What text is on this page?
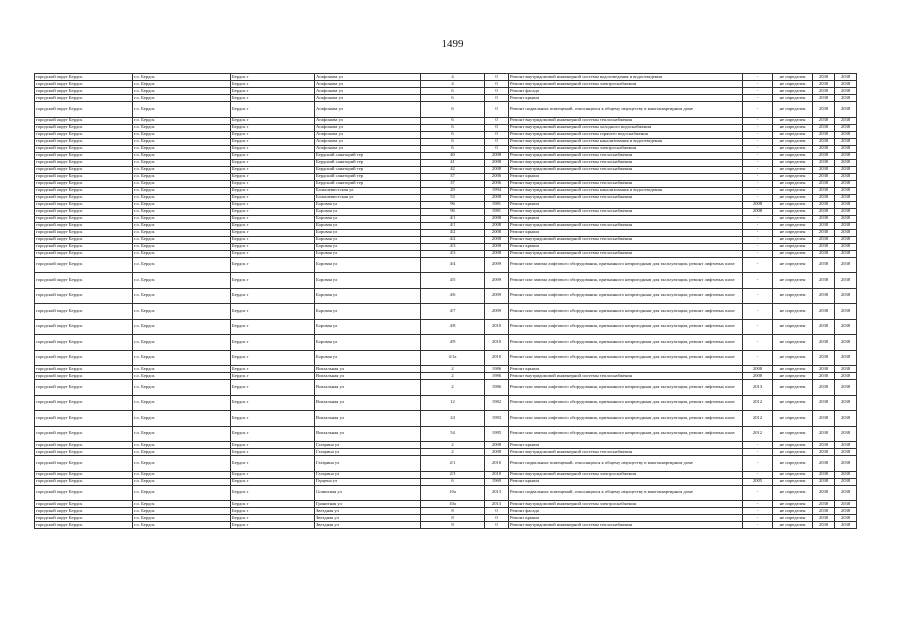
1499
городской округ Бердск	г.о. Бердск	Бердск г	Агафонова ул	4	0	Ремонт внутридомовой инженерной системы водоотведения и водоотведения	-	не определен	2038	2038
городской округ Бердск	г.о. Бердск	Бердск г	Агафонова ул	4	0	Ремонт внутридомовой инженерной системы электроснабжения	-	не определен	2038	2038
городской округ Бердск	г.о. Бердск	Бердск г	Агафонова ул	6	0	Ремонт фасада	-	не определен	2038	2038
городской округ Бердск	г.о. Бердск	Бердск г	Агафонова ул	6	0	Ремонт крыши	-	не определен	2038	2038
городской округ Бердск	г.о. Бердск	Бердск г	Агафонова ул	6	0	Ремонт подвальных помещений, относящихся к общему имуществу в многоквартирном доме	-	не определен	2038	2038
городской округ Бердск	г.о. Бердск	Бердск г	Агафонова ул	6	0	Ремонт внутридомовой инженерной системы теплоснабжения	-	не определен	2038	2038
городской округ Бердск	г.о. Бердск	Бердск г	Агафонова ул	6	0	Ремонт внутридомовой инженерной системы холодного водоснабжения	-	не определен	2038	2038
городской округ Бердск	г.о. Бердск	Бердск г	Агафонова ул	6	0	Ремонт внутридомовой инженерной системы горячего водоснабжения	-	не определен	2038	2038
городской округ Бердск	г.о. Бердск	Бердск г	Агафонова ул	6	0	Ремонт внутридомовой инженерной системы канализования и водоотведения	-	не определен	2038	2038
городской округ Бердск	г.о. Бердск	Бердск г	Агафонова ул	6	0	Ремонт внутридомовой инженерной системы электроснабжения	-	не определен	2038	2038
городской округ Бердск	г.о. Бердск	Бердск г	Бердский санаторий тер	40	2008	Ремонт внутридомовой инженерной системы теплоснабжения	-	не определен	2038	2038
городской округ Бердск	г.о. Бердск	Бердск г	Бердский санаторий тер	41	2008	Ремонт внутридомовой инженерной системы теплоснабжения	-	не определен	2038	2038
городской округ Бердск	г.о. Бердск	Бердск г	Бердский санаторий тер	42	2008	Ремонт внутридомовой инженерной системы теплоснабжения	-	не определен	2038	2038
городской округ Бердск	г.о. Бердск	Бердск г	Бердский санаторий тер	37	2006	Ремонт крыши	-	не определен	2038	2038
городской округ Бердск	г.о. Бердск	Бердск г	Бердский санаторий тер	37	2006	Ремонт внутридомовой инженерной системы теплоснабжения	-	не определен	2038	2038
городской округ Бердск	г.о. Бердск	Бердск г	Большевистская ул	29	1994	Ремонт внутридомовой инженерной системы канализования и водоотведения	-	не определен	2038	2038
городской округ Бердск	г.о. Бердск	Бердск г	Большевистская ул	53	2008	Ремонт внутридомовой инженерной системы теплоснабжения	-	не определен	2038	2038
городской округ Бердск	г.о. Бердск	Бердск г	Боровая ул	96	1981	Ремонт крыши	2008	не определен	2038	2038
городской округ Бердск	г.о. Бердск	Бердск г	Боровая ул	96	1981	Ремонт внутридомовой инженерной системы теплоснабжения	2008	не определен	2038	2038
городской округ Бердск	г.о. Бердск	Бердск г	Боровая ул	4/1	2008	Ремонт крыши	-	не определен	2038	2038
городской округ Бердск	г.о. Бердск	Бердск г	Боровая ул	4/1	2008	Ремонт внутридомовой инженерной системы теплоснабжения	-	не определен	2038	2038
городской округ Бердск	г.о. Бердск	Бердск г	Боровая ул	4/2	2008	Ремонт крыши	-	не определен	2038	2038
городской округ Бердск	г.о. Бердск	Бердск г	Боровая ул	4/2	2008	Ремонт внутридомовой инженерной системы теплоснабжения	-	не определен	2038	2038
городской округ Бердск	г.о. Бердск	Бердск г	Боровая ул	4/3	2008	Ремонт крыши	-	не определен	2038	2038
городской округ Бердск	г.о. Бердск	Бердск г	Боровая ул	4/3	2008	Ремонт внутридомовой инженерной системы теплоснабжения	-	не определен	2038	2038
городской округ Бердск	г.о. Бердск	Бердск г	Боровая ул	4/4	2009	Ремонт или замена лифтового оборудования, признанного непригодным для эксплуатации, ремонт лифтовых шахт	-	не определен	2038	2038
городской округ Бердск	г.о. Бердск	Бердск г	Боровая ул	4/5	2009	Ремонт или замена лифтового оборудования, признанного непригодным для эксплуатации, ремонт лифтовых шахт	-	не определен	2038	2038
городской округ Бердск	г.о. Бердск	Бердск г	Боровая ул	4/6	2009	Ремонт или замена лифтового оборудования, признанного непригодным для эксплуатации, ремонт лифтовых шахт	-	не определен	2038	2038
городской округ Бердск	г.о. Бердск	Бердск г	Боровая ул	4/7	2009	Ремонт или замена лифтового оборудования, признанного непригодным для эксплуатации, ремонт лифтовых шахт	-	не определен	2038	2038
городской округ Бердск	г.о. Бердск	Бердск г	Боровая ул	4/8	2010	Ремонт или замена лифтового оборудования, признанного непригодным для эксплуатации, ремонт лифтовых шахт	-	не определен	2038	2038
городской округ Бердск	г.о. Бердск	Бердск г	Боровая ул	4/9	2010	Ремонт или замена лифтового оборудования, признанного непригодным для эксплуатации, ремонт лифтовых шахт	-	не определен	2038	2038
городской округ Бердск	г.о. Бердск	Бердск г	Боровая ул	4/1а	2010	Ремонт или замена лифтового оборудования, признанного непригодным для эксплуатации, ремонт лифтовых шахт	-	не определен	2038	2038
городской округ Бердск	г.о. Бердск	Бердск г	Вокзальная ул	2	1986	Ремонт крыши	2008	не определен	2038	2038
городской округ Бердск	г.о. Бердск	Бердск г	Вокзальная ул	2	1986	Ремонт внутридомовой инженерной системы теплоснабжения	2008	не определен	2038	2038
городской округ Бердск	г.о. Бердск	Бердск г	Вокзальная ул	2	1986	Ремонт или замена лифтового оборудования, признанного непригодным для эксплуатации, ремонт лифтовых шахт	2013	не определен	2038	2038
городской округ Бердск	г.о. Бердск	Бердск г	Вокзальная ул	12	1982	Ремонт или замена лифтового оборудования, признанного непригодным для эксплуатации, ремонт лифтовых шахт	2012	не определен	2038	2038
городской округ Бердск	г.о. Бердск	Бердск г	Вокзальная ул	24	1983	Ремонт или замена лифтового оборудования, признанного непригодным для эксплуатации, ремонт лифтовых шахт	2012	не определен	2038	2038
городской округ Бердск	г.о. Бердск	Бердск г	Вокзальная ул	54	1985	Ремонт или замена лифтового оборудования, признанного непригодным для эксплуатации, ремонт лифтовых шахт	2012	не определен	2038	2038
городской округ Бердск	г.о. Бердск	Бердск г	Гагарина ул	2	2008	Ремонт крыши	-	не определен	2038	2038
городской округ Бердск	г.о. Бердск	Бердск г	Гагарина ул	2	2008	Ремонт внутридомовой инженерной системы теплоснабжения	-	не определен	2038	2038
городской округ Бердск	г.о. Бердск	Бердск г	Гагарина ул	2/1	2010	Ремонт подвальных помещений, относящихся к общему имуществу в многоквартирном доме	-	не определен	2038	2038
городской округ Бердск	г.о. Бердск	Бердск г	Гагарина ул	2/3	2010	Ремонт внутридомовой инженерной системы электроснабжения	-	не определен	2038	2038
городской округ Бердск	г.о. Бердск	Бердск г	Герцена ул	6	1969	Ремонт крыши	2005	не определен	2038	2038
городской округ Бердск	г.о. Бердск	Бердск г	Granитная ул	10а	2013	Ремонт подвальных помещений, относящихся к общему имуществу в многоквартирном доме	-	не определен	2038	2038
городской округ Бердск	г.о. Бердск	Бердск г	Гранитная ул	10а	2013	Ремонт внутридомовой инженерной системы электроснабжения	-	не определен	2038	2038
городской округ Бердск	г.о. Бердск	Бердск г	Звездная ул	8	0	Ремонт фасада	-	не определен	2038	2038
городской округ Бердск	г.о. Бердск	Бердск г	Звездная ул	8	0	Ремонт крыши	-	не определен	2038	2038
городской округ Бердск	г.о. Бердск	Бердск г	Звездная ул	8	0	Ремонт внутридомовой инженерной системы теплоснабжения	-	не определен	2038	2038
